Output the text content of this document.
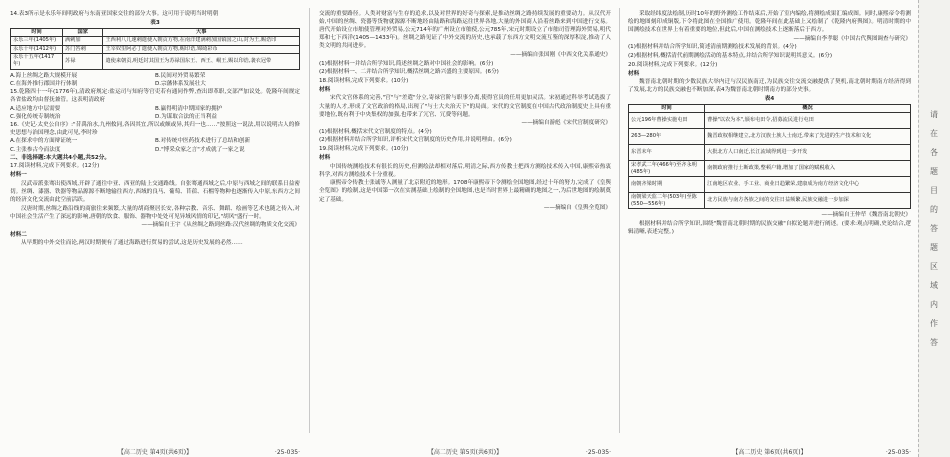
14.表3所示是永乐年间明政府与东南亚国家交往的部分大事。这可用于说明当时明朝

表3

时间	国家	大事
永乐三年(1405年)	满剌加	王西利八儿速剌遣使入朝贡方物,在南洋建满剌加国镇国之山,封为王,赐诰印
永乐十年(1412年)	苏门答剌	王宰奴里阿必丁遣使入朝贡方物,赐印诰,锦绮彩币
永乐十五年(1417年)	苏禄	遣使来朝贡,明廷封其国王为苏禄国东王、西王、峒王,赐以印诰,袭衣冠带
A.海上丝绸之路大规模开展	B.民间对外贸易繁荣
C.在海外推行郡国并行体制	D.宗藩体系发展壮大

15.乾隆四十一年(1776年),清政府规定:盐运司与知府等官吏若有通同作弊,查出即革职,交部严加议处。乾隆年间规定各省盐政均由督抚兼管。这表明清政府

A.适应地方中层需要	B.赢得明清中期国家的拥护
C.强化传统专制统治	D.为谋取合法的正当利益

16.《史记·太史公自序》:"昔禹治水,九州攸同,各因其宜,所以或颇或异,其归一也……"按照这一说法,用以说明古人的修史思想与治国理念,由此可见,李时珍

A.在探求中的方面辩证统一	B.对传统中医药技术进行了总结和创新
C.主张参古今而法度	D."博采众家之言"才成就了一家之说

二、非选择题:本大题共4小题,共52分。

17.阅读材料,完成下列要求。(12分)

材料一

汉武帝派张骞出使西域,开辟了通往中亚、西亚的陆上交通路线。自张骞通西域之后,中原与西域之间的联系日益密切。丝绸、漆器、铁器等物品源源不断地输往西方,西域的良马、葡萄、苜蓿、石榴等物种也逐渐传入中原,东西方之间的经济文化交流由此空前活跃。

汉唐时期,丝绸之路沿线的商旅往来频繁,大量的胡商聚居长安,各种宗教、音乐、舞蹈、绘画等艺术也随之传入,对中国社会生活产生了深远的影响,唐朝的饮食、服饰、器物中处处可见异域风情的印记,"胡风"盛行一时。

——摘编自王宇《从丝绸之路到丝路:汉代丝绸的物质文化交流》

材料二

从早期的中外交往而论,两汉时期便有了通过海路进行贸易的尝试,这是历史发展的必然……

交流的重要路径。人类对财富与生存的追求,以及对世界的好奇与探索,是推动丝绸之路持续发展的重要动力。从汉代开始,中国的丝绸、瓷器等货物就源源不断地经由陆路和海路运往世界各地,大量的外国商人沿着丝路来到中国进行交易。唐代开始设立市舶使管理对外贸易,公元714年的广州设立市舶使,公元785年,宋元时期设立了市舶司管理海外贸易,明代郑和七下西洋(1405—1433年)。丝绸之路见证了中外交流的历史,也承载了东西方文明交流互鉴的深厚积淀,推动了人类文明的共同进步。

——摘编自张国刚《中西文化关系通史》

(1)根据材料一并结合所学知识,简述丝绸之路对中国社会的影响。(6分)

(2)根据材料一、二并结合所学知识,概括丝绸之路兴盛的主要原因。(6分)

18.阅读材料,完成下列要求。(10分)

材料

宋代文官体系的完善,"官"与"差遣"分立,寄禄官阶与职事分离,使得官员的任用更加灵活。宋初通过科举考试选拔了大量的人才,形成了文官政治的格局,出现了"与士大夫治天下"的局面。宋代的文官制度在中国古代政治制度史上具有重要地位,既有利于中央集权的加强,也带来了冗官、冗费等问题。

——摘编自游彪《宋代官制度研究》

(1)根据材料,概括宋代文官制度的特点。(4分)

(2)根据材料并结合所学知识,评析宋代文官制度的历史作用,并说明理由。(6分)

19.阅读材料,完成下列要求。(10分)

材料

中国传统测绘技术有很长的历史,但测绘法却相对落后,明清之际,西方传教士把西方测绘技术传入中国,康熙帝热衷科学,对西方测绘技术十分重视。

康熙帝令传教士张诚等人测量了北京附近的地形。1708年康熙帝下令测绘全国地图,经过十年的努力,完成了《皇舆全览图》的绘制,这是中国第一次在实测基础上绘制的全国地图,也是当时世界上最精确的地图之一,为后世地图的绘制奠定了基础。

——摘编自《皇舆全览图》

采取经纬度法绘制,历时10年的野外测绘工作结束后,开始了室内编绘,将测绘成果汇编成图。同时,康熙帝令将测绘的地图刻印成铜版,下令将此图在全国推广使用。乾隆年间在此基础上又绘制了《乾隆内府舆图》。明清时期的中国测绘技术在世界上有着重要的地位,但此后,中国在测绘技术上逐渐落后于西方。

——摘编自李孝聪《中国古代舆图调查与研究》

(1)根据材料并结合所学知识,简述清前期测绘技术发展的背景。(4分)

(2)根据材料,概括清代前期测绘活动的基本特点,并结合所学知识说明其意义。(6分)

20.阅读材料,完成下列要求。(12分)

材料

魏晋南北朝时期的少数民族大举内迁与汉民族南迁,为民族交往交流交融提供了契机,南北朝时期南方经济得到了发展,北方的民族交融也不断加深,表4为魏晋南北朝时期南方的部分史事。

表4

时间	概况
公元196年曹操实施屯田	曹操"以农为本",颁布屯田令,招募流民进行屯田
263—280年	魏晋政权相继建立,北方汉族士族人士南迁,带来了先进的生产技术和文化
东晋末年	大批北方人口南迁,长江流域得到进一步开发
宋孝武二年(466年)至齐永明(485年)	南朝政府推行土断政策,整顿户籍,增加了国家的赋税收入
南朝齐梁时期	江南地区农业、手工业、商业日趋繁荣,建康成为南方经济文化中心
南朝梁天监二年(503年)至陈(550—556年)	北方民族与南方各族之间的交往日益频繁,民族交融进一步加深

——摘编自王仲荦《魏晋南北朝史》

根据材料并结合所学知识,围绕"魏晋南北朝时期的民族交融"自拟论题并进行阐述。(要求:观点明确,史论结合,逻辑清晰,表述完整。)

【高二历史 第4页(共6页)】	·25-035·	【高二历史 第5页(共6页)】	·25-035·	【高二历史 第6页(共6页)】	·25-035·
请在各题目的答题区域内作答
